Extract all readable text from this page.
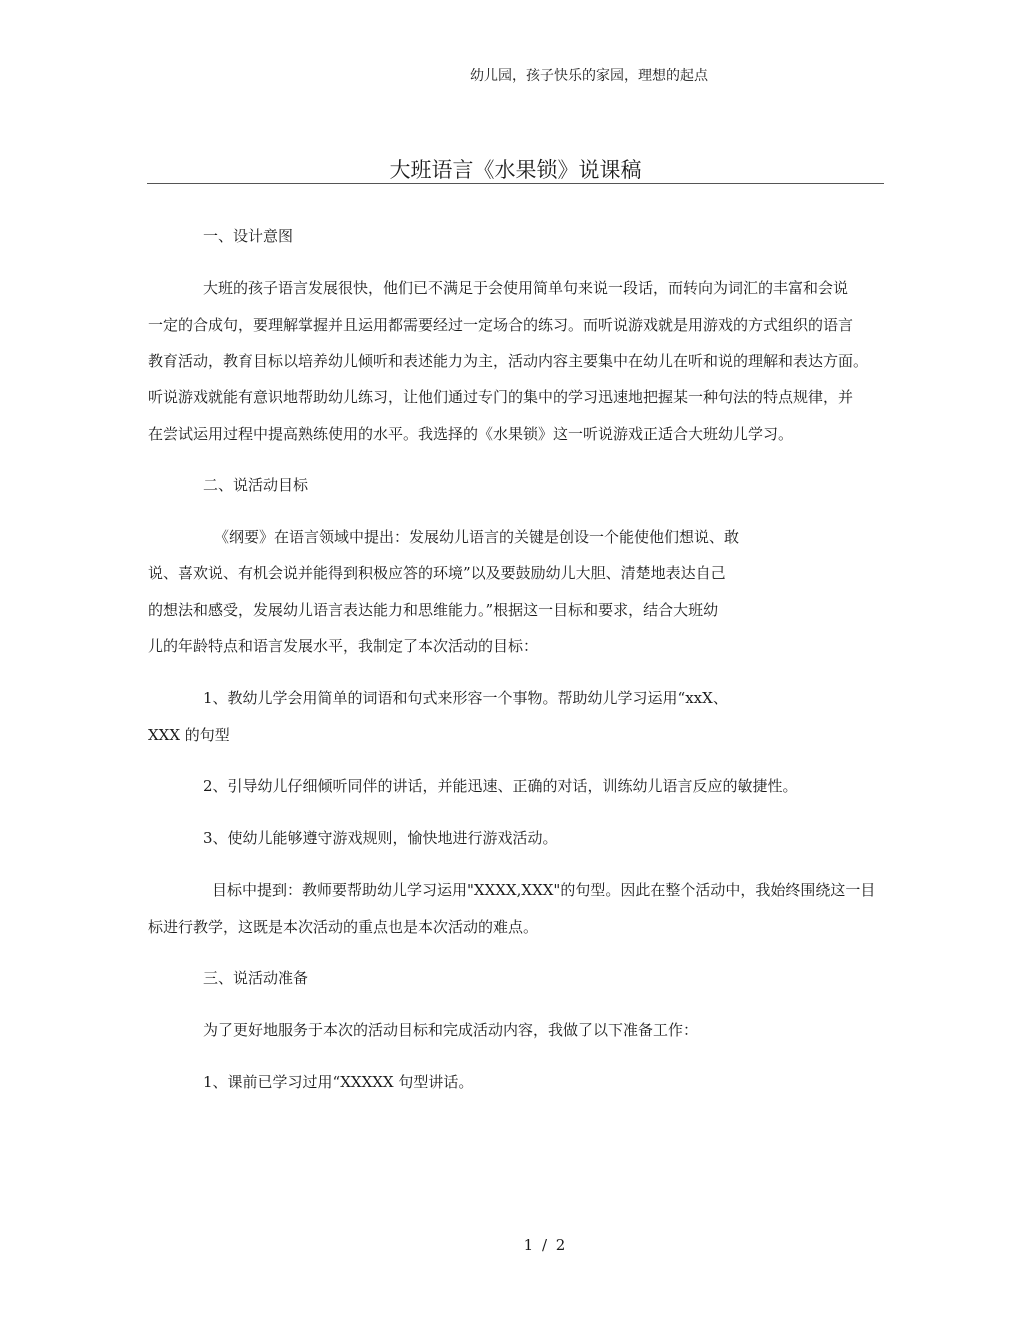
幼儿园，孩子快乐的家园，理想的起点
大班语言《水果锁》说课稿
一、设计意图
大班的孩子语言发展很快，他们已不满足于会使用简单句来说一段话，而转向为词汇的丰富和会说
一定的合成句，要理解掌握并且运用都需要经过一定场合的练习。而听说游戏就是用游戏的方式组织的语言
教育活动，教育目标以培养幼儿倾听和表述能力为主，活动内容主要集中在幼儿在听和说的理解和表达方面。
听说游戏就能有意识地帮助幼儿练习，让他们通过专门的集中的学习迅速地把握某一种句法的特点规律，并
在尝试运用过程中提高熟练使用的水平。我选择的《水果锁》这一听说游戏正适合大班幼儿学习。
二、说活动目标
《纲要》在语言领域中提出：发展幼儿语言的关键是创设一个能使他们想说、敢
说、喜欢说、有机会说并能得到积极应答的环境”以及要鼓励幼儿大胆、清楚地表达自己
的想法和感受，发展幼儿语言表达能力和思维能力。”根据这一目标和要求，结合大班幼
儿的年龄特点和语言发展水平，我制定了本次活动的目标：
1、教幼儿学会用简单的词语和句式来形容一个事物。帮助幼儿学习运用“xxX、
XXX 的句型
2、引导幼儿仔细倾听同伴的讲话，并能迅速、正确的对话，训练幼儿语言反应的敏捷性。
3、使幼儿能够遵守游戏规则，愉快地进行游戏活动。
目标中提到：教师要帮助幼儿学习运用"XXXX,XXX"的句型。因此在整个活动中，我始终围绕这一目
标进行教学，这既是本次活动的重点也是本次活动的难点。
三、说活动准备
为了更好地服务于本次的活动目标和完成活动内容，我做了以下准备工作：
1、课前已学习过用“XXXXX 句型讲话。
1 / 2
